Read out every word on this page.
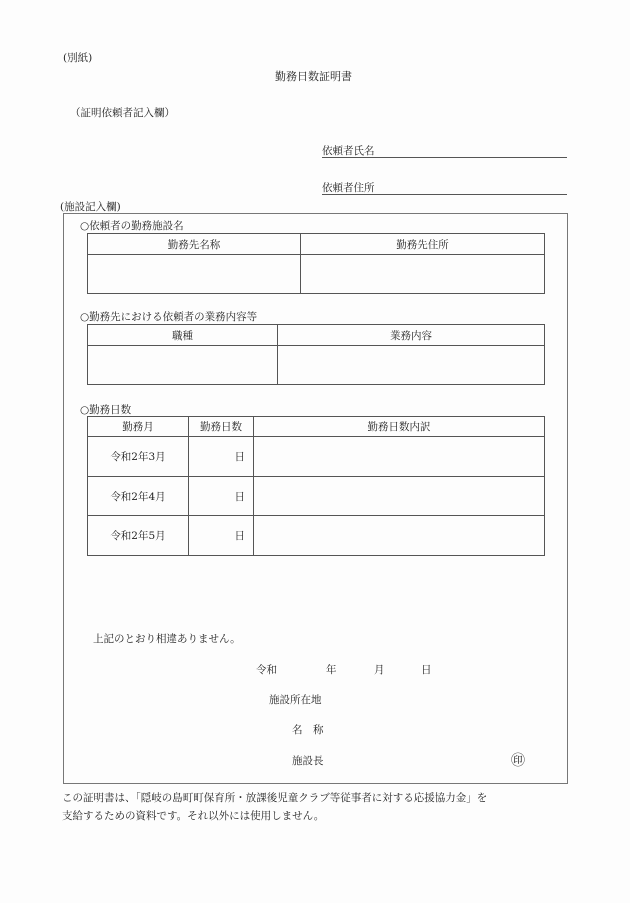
(別紙)
勤務日数証明書
（証明依頼者記入欄）
依頼者氏名
依頼者住所
(施設記入欄)
○依頼者の勤務施設名
勤務先名称	勤務先住所

○勤務先における依頼者の業務内容等
職種	業務内容

○勤務日数
勤務月	勤務日数	勤務日数内訳
令和2年3月	日	
令和2年4月	日	
令和2年5月	日	
上記のとおり相違ありません。
令和	年	月	日
施設所在地
名　称
施設長	㊞
この証明書は、「隠岐の島町町保育所・放課後児童クラブ等従事者に対する応援協力金」を
支給するための資料です。それ以外には使用しません。
